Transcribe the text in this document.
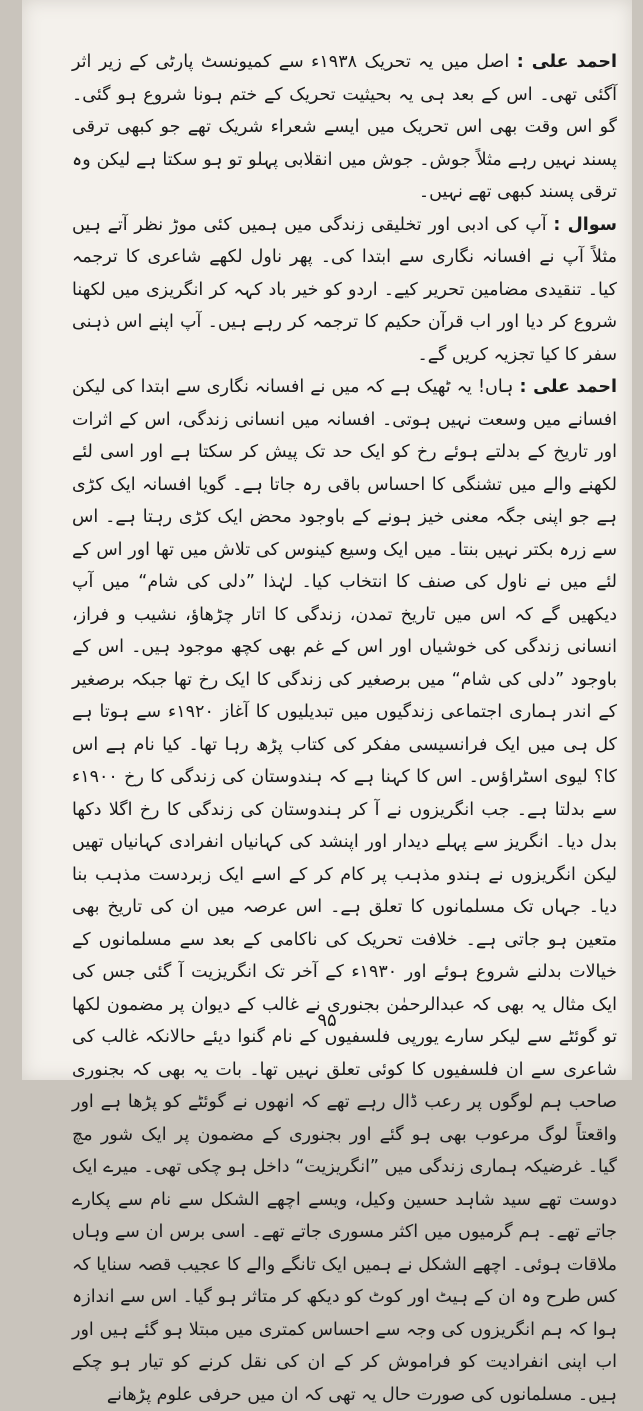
احمد علی : اصل میں یہ تحریک ۱۹۳۸ء سے کمیونسٹ پارٹی کے زیر اثر آگئی تھی۔ اس کے بعد ہی یہ بحیثیت تحریک کے ختم ہونا شروع ہو گئی۔ گو اس وقت بھی اس تحریک میں ایسے شعراء شریک تھے جو کبھی ترقی پسند نہیں رہے مثلاً جوش۔ جوش میں انقلابی پہلو تو ہو سکتا ہے لیکن وہ ترقی پسند کبھی تھے نہیں۔

سوال : آپ کی ادبی اور تخلیقی زندگی میں ہمیں کئی موڑ نظر آتے ہیں مثلاً آپ نے افسانہ نگاری سے ابتدا کی۔ پھر ناول لکھے شاعری کا ترجمہ کیا۔ تنقیدی مضامین تحریر کیے۔ اردو کو خیر باد کہہ کر انگریزی میں لکھنا شروع کر دیا اور اب قرآن حکیم کا ترجمہ کر رہے ہیں۔ آپ اپنے اس ذہنی سفر کا کیا تجزیہ کریں گے۔

احمد علی : ہاں! یہ ٹھیک ہے کہ میں نے افسانہ نگاری سے ابتدا کی لیکن افسانے میں وسعت نہیں ہوتی۔ افسانہ میں انسانی زندگی، اس کے اثرات اور تاریخ کے بدلتے ہوئے رخ کو ایک حد تک پیش کر سکتا ہے اور اسی لئے لکھنے والے میں تشنگی کا احساس باقی رہ جاتا ہے۔ گویا افسانہ ایک کڑی ہے جو اپنی جگہ معنی خیز ہونے کے باوجود محض ایک کڑی رہتا ہے۔ اس سے زرہ بکتر نہیں بنتا۔ میں ایک وسیع کینوس کی تلاش میں تھا اور اس کے لئے میں نے ناول کی صنف کا انتخاب کیا۔ لہٰذا ”دلی کی شام“ میں آپ دیکھیں گے کہ اس میں تاریخ تمدن، زندگی کا اتار چڑھاؤ، نشیب و فراز، انسانی زندگی کی خوشیاں اور اس کے غم بھی کچھ موجود ہیں۔ اس کے باوجود ”دلی کی شام“ میں برصغیر کی زندگی کا ایک رخ تھا جبکہ برصغیر کے اندر ہماری اجتماعی زندگیوں میں تبدیلیوں کا آغاز ۱۹۲۰ء سے ہوتا ہے کل ہی میں ایک فرانسیسی مفکر کی کتاب پڑھ رہا تھا۔ کیا نام ہے اس کا؟ لیوی اسٹراؤس۔ اس کا کہنا ہے کہ ہندوستان کی زندگی کا رخ ۱۹۰۰ء سے بدلتا ہے۔ جب انگریزوں نے آ کر ہندوستان کی زندگی کا رخ اگلا دکھا بدل دیا۔ انگریز سے پہلے دیدار اور اپنشد کی کہانیاں انفرادی کہانیاں تھیں لیکن انگریزوں نے ہندو مذہب پر کام کر کے اسے ایک زبردست مذہب بنا دیا۔ جہاں تک مسلمانوں کا تعلق ہے۔ اس عرصہ میں ان کی تاریخ بھی متعین ہو جاتی ہے۔ خلافت تحریک کی ناکامی کے بعد سے مسلمانوں کے خیالات بدلنے شروع ہوئے اور ۱۹۳۰ء کے آخر تک انگریزیت آ گئی جس کی ایک مثال یہ بھی کہ عبدالرحمٰن بجنوری نے غالب کے دیوان پر مضمون لکھا تو گوئٹے سے لیکر سارے یورپی فلسفیوں کے نام گنوا دیئے حالانکہ غالب کی شاعری سے ان فلسفیوں کا کوئی تعلق نہیں تھا۔ بات یہ بھی کہ بجنوری صاحب ہم لوگوں پر رعب ڈال رہے تھے کہ انھوں نے گوئٹے کو پڑھا ہے اور واقعتاً لوگ مرعوب بھی ہو گئے اور بجنوری کے مضمون پر ایک شور مچ گیا۔ غرضیکہ ہماری زندگی میں ”انگریزیت“ داخل ہو چکی تھی۔ میرے ایک دوست تھے سید شاہد حسین وکیل، ویسے اچھے الشکل سے نام سے پکارے جاتے تھے۔ ہم گرمیوں میں اکثر مسوری جاتے تھے۔ اسی برس ان سے وہاں ملاقات ہوئی۔ اچھے الشکل نے ہمیں ایک تانگے والے کا عجیب قصہ سنایا کہ کس طرح وہ ان کے ہیٹ اور کوٹ کو دیکھ کر متاثر ہو گیا۔ اس سے اندازہ ہوا کہ ہم انگریزوں کی وجہ سے احساس کمتری میں مبتلا ہو گئے ہیں اور اب اپنی انفرادیت کو فراموش کر کے ان کی نقل کرنے کو تیار ہو چکے ہیں۔ مسلمانوں کی صورت حال یہ تھی کہ ان میں حرفی علوم پڑھانے

۹۵
